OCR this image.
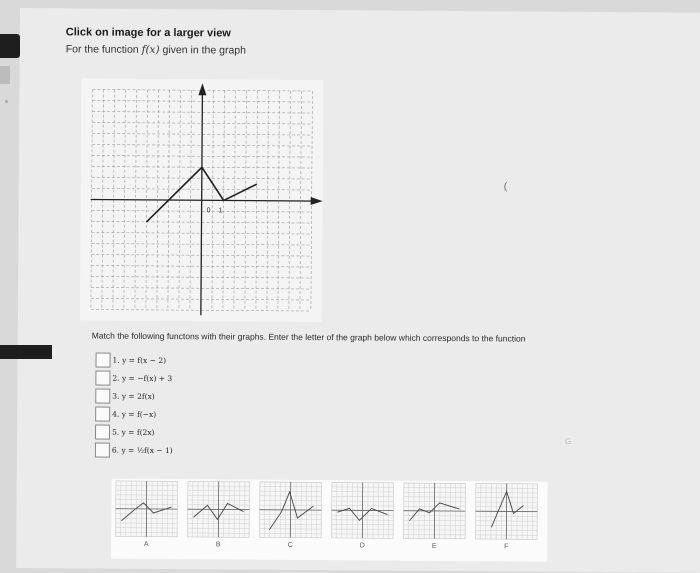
Click on image for a larger view
For the function f(x) given in the graph
0 1
Match the following functons with their graphs. Enter the letter of the graph below which corresponds to the function
1. y = f(x − 2)
2. y = −f(x) + 3
3. y = 2f(x)
4. y = f(−x)
5. y = f(2x)
6. y = ½f(x − 1)
A	B	C	D	E	F
(
G
